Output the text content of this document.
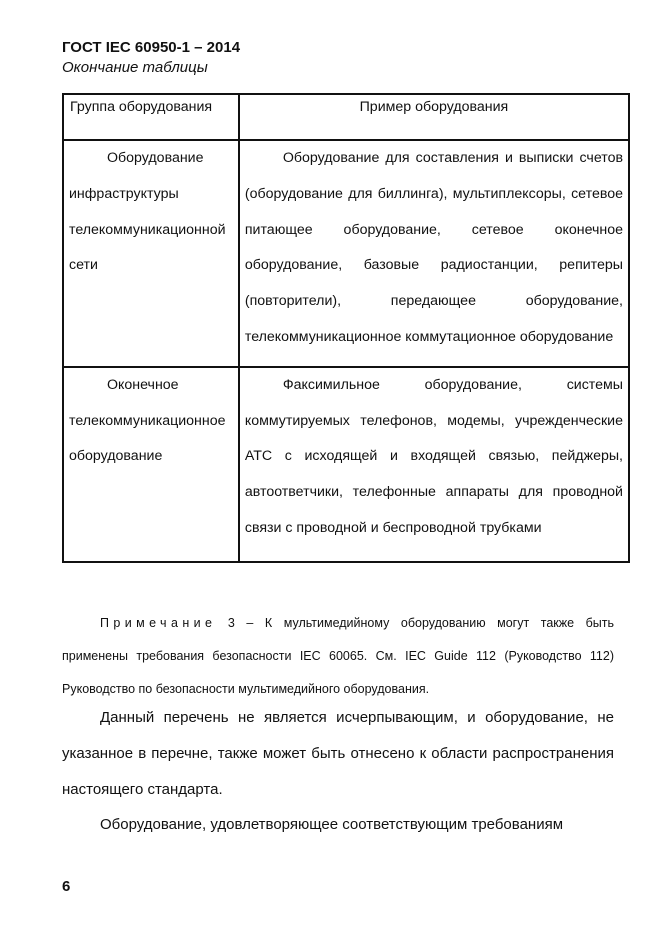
ГОСТ IEC 60950-1 – 2014
Окончание таблицы
Группа оборудования	Пример оборудования

Оборудование инфраструктуры телекоммуникационной сети	Оборудование для составления и выписки счетов (оборудование для биллинга), мультиплексоры, сетевое питающее оборудование, сетевое оконечное оборудование, базовые радиостанции, репитеры (повторители), передающее оборудование, телекоммуникационное коммутационное оборудование

Оконечное телекоммуникационное оборудование	Факсимильное оборудование, системы коммутируемых телефонов, модемы, учрежденческие АТС с исходящей и входящей связью, пейджеры, автоответчики, телефонные аппараты для проводной связи с проводной и беспроводной трубками
Примечание 3 – К мультимедийному оборудованию могут также быть применены требования безопасности IEC 60065. См. IEC Guide 112 (Руководство 112) Руководство по безопасности мультимедийного оборудования.
Данный перечень не является исчерпывающим, и оборудование, не указанное в перечне, также может быть отнесено к области распространения настоящего стандарта.
Оборудование, удовлетворяющее соответствующим требованиям
6
